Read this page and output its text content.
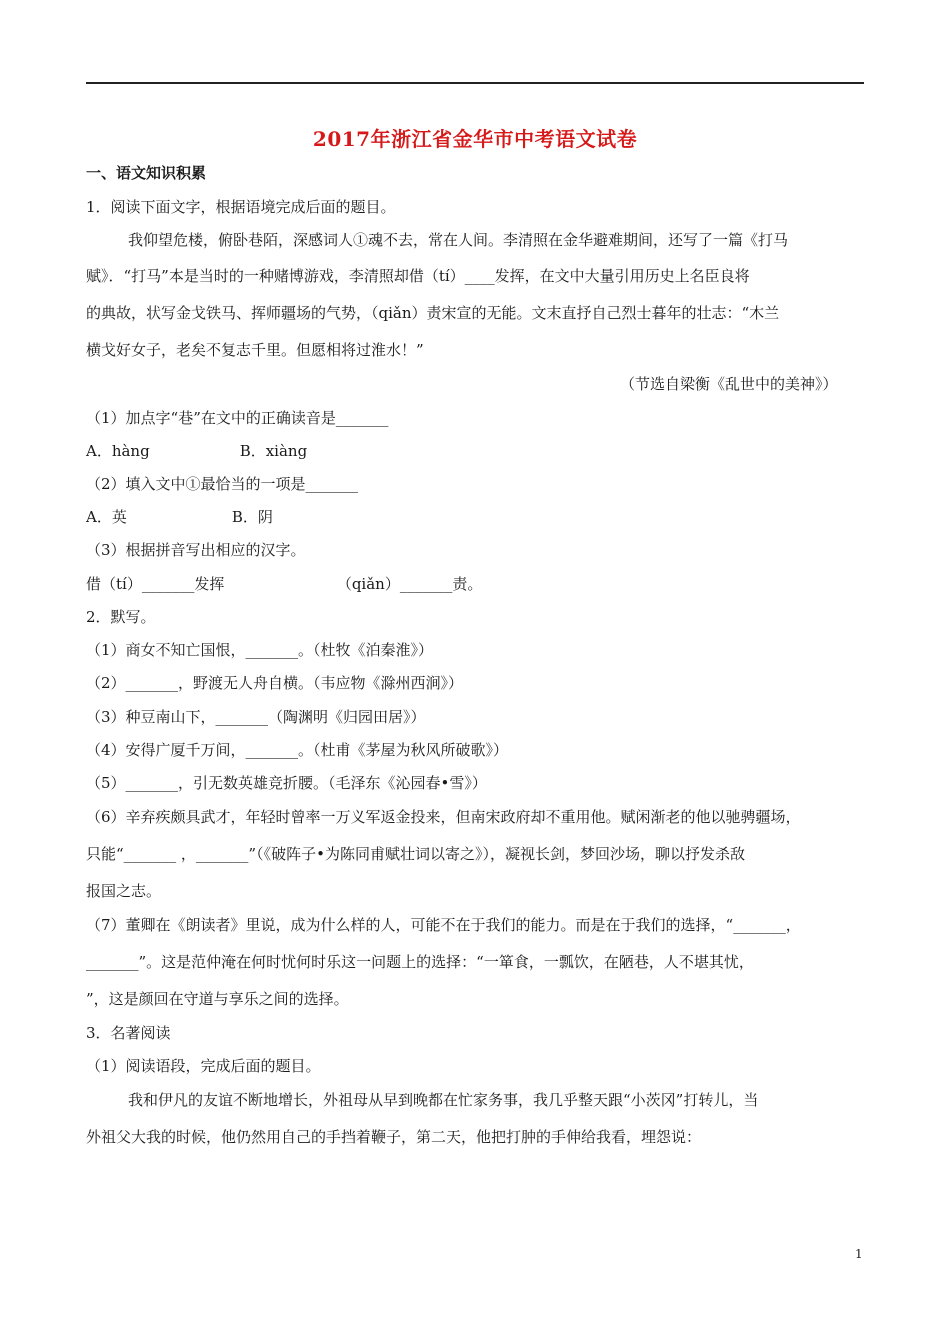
2017年浙江省金华市中考语文试卷
一、语文知识积累
1．阅读下面文字，根据语境完成后面的题目。
我仰望危楼，俯卧巷陌，深感词人①魂不去，常在人间。李清照在金华避难期间，还写了一篇《打马
赋》．“打马”本是当时的一种赌博游戏，李清照却借（tí）____发挥，在文中大量引用历史上名臣良将
的典故，状写金戈铁马、挥师疆场的气势，（qiǎn）责宋宣的无能。文末直抒自己烈士暮年的壮志：“木兰
横戈好女子，老矣不复志千里。但愿相将过淮水！”
（节选自梁衡《乱世中的美神》）
（1）加点字“巷”在文中的正确读音是_______
A．hàng　　　　　　B．xiàng
（2）填入文中①最恰当的一项是_______
A．英　　　　　　　B．阴
（3）根据拼音写出相应的汉字。
借（tí）_______发挥　　　　　　　　（qiǎn）_______责。
2．默写。
（1）商女不知亡国恨，_______。（杜牧《泊秦淮》）
（2）_______，野渡无人舟自横。（韦应物《滁州西涧》）
（3）种豆南山下，_______（陶渊明《归园田居》）
（4）安得广厦千万间，_______。（杜甫《茅屋为秋风所破歌》）
（5）_______，引无数英雄竞折腰。（毛泽东《沁园春•雪》）
（6）辛弃疾颇具武才，年轻时曾率一万义军返金投来，但南宋政府却不重用他。赋闲渐老的他以驰骋疆场，
只能“_______ ，_______”（《破阵子•为陈同甫赋壮词以寄之》），凝视长剑，梦回沙场，聊以抒发杀敌
报国之志。
（7）董卿在《朗读者》里说，成为什么样的人，可能不在于我们的能力。而是在于我们的选择，“_______，
_______”。这是范仲淹在何时忧何时乐这一问题上的选择：“一箪食，一瓢饮，在陋巷，人不堪其忧，
”，这是颜回在守道与享乐之间的选择。
3．名著阅读
（1）阅读语段，完成后面的题目。
我和伊凡的友谊不断地增长，外祖母从早到晚都在忙家务事，我几乎整天跟“小茨冈”打转儿，当
外祖父大我的时候，他仍然用自己的手挡着鞭子，第二天，他把打肿的手伸给我看，埋怨说：
1
